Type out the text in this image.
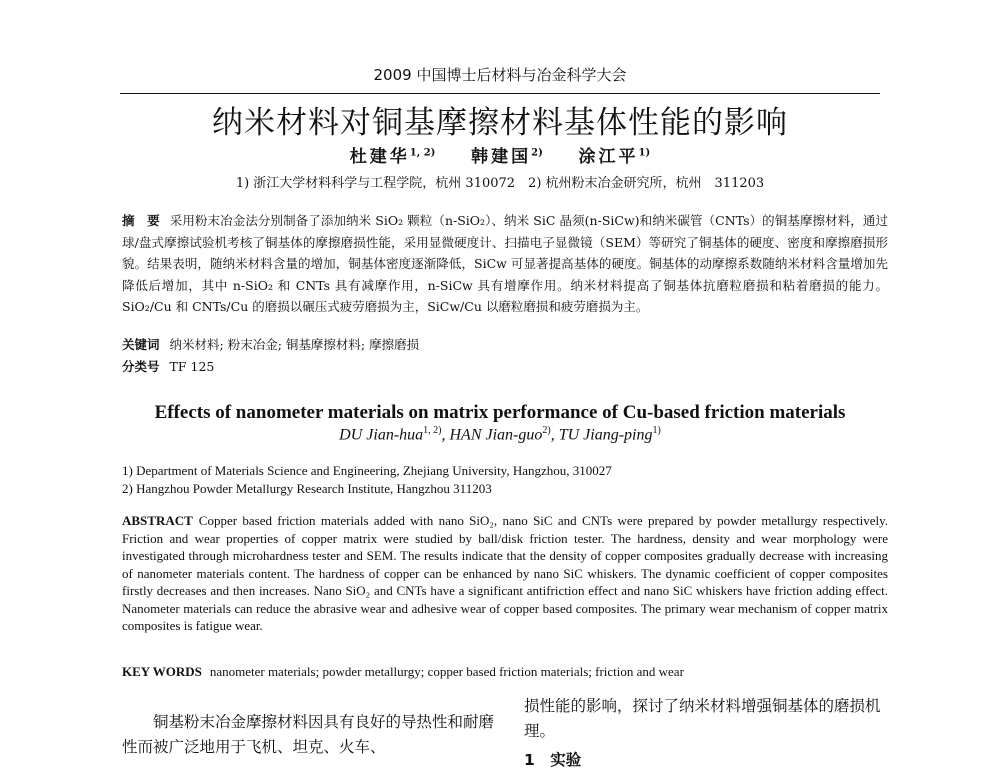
2009 中国博士后材料与冶金科学大会
纳米材料对铜基摩擦材料基体性能的影响
杜建华$^{1, 2)}$ 韩建国$^{2)}$ 涂江平$^{1)}$
1) 浙江大学材料科学与工程学院，杭州 310072　2) 杭州粉末冶金研究所，杭州　311203
摘　要 采用粉末冶金法分别制备了添加纳米 SiO₂ 颗粒（n-SiO₂）、纳米 SiC 晶须(n-SiCw)和纳米碳管（CNTs）的铜基摩擦材料，通过球/盘式摩擦试验机考核了铜基体的摩擦磨损性能，采用显微硬度计、扫描电子显微镜（SEM）等研究了铜基体的硬度、密度和摩擦磨损形貌。结果表明，随纳米材料含量的增加，铜基体密度逐渐降低，SiCw 可显著提高基体的硬度。铜基体的动摩擦系数随纳米材料含量增加先降低后增加，其中 n-SiO₂ 和 CNTs 具有减摩作用，n-SiCw 具有增摩作用。纳米材料提高了铜基体抗磨粒磨损和粘着磨损的能力。SiO₂/Cu 和 CNTs/Cu 的磨损以碾压式疲劳磨损为主，SiCw/Cu 以磨粒磨损和疲劳磨损为主。
关键词 纳米材料; 粉末冶金; 铜基摩擦材料; 摩擦磨损
分类号 TF 125
Effects of nanometer materials on matrix performance of Cu-based friction materials
DU Jian-hua$^{1, 2)}$, HAN Jian-guo$^{2)}$, TU Jiang-ping$^{1)}$
1) Department of Materials Science and Engineering, Zhejiang University, Hangzhou, 310027
2) Hangzhou Powder Metallurgy Research Institute, Hangzhou 311203
ABSTRACT Copper based friction materials added with nano SiO₂, nano SiC and CNTs were prepared by powder metallurgy respectively. Friction and wear properties of copper matrix were studied by ball/disk friction tester. The hardness, density and wear morphology were investigated through microhardness tester and SEM. The results indicate that the density of copper composites gradually decrease with increasing of nanometer materials content. The hardness of copper can be enhanced by nano SiC whiskers. The dynamic coefficient of copper composites firstly decreases and then increases. Nano SiO₂ and CNTs have a significant antifriction effect and nano SiC whiskers have friction adding effect. Nanometer materials can reduce the abrasive wear and adhesive wear of copper based composites. The primary wear mechanism of copper matrix composites is fatigue wear.
KEY WORDS nanometer materials; powder metallurgy; copper based friction materials; friction and wear
铜基粉末冶金摩擦材料因具有良好的导热性和耐磨性而被广泛地用于飞机、坦克、火车、
损性能的影响，探讨了纳米材料增强铜基体的磨损机理。
1　实验
